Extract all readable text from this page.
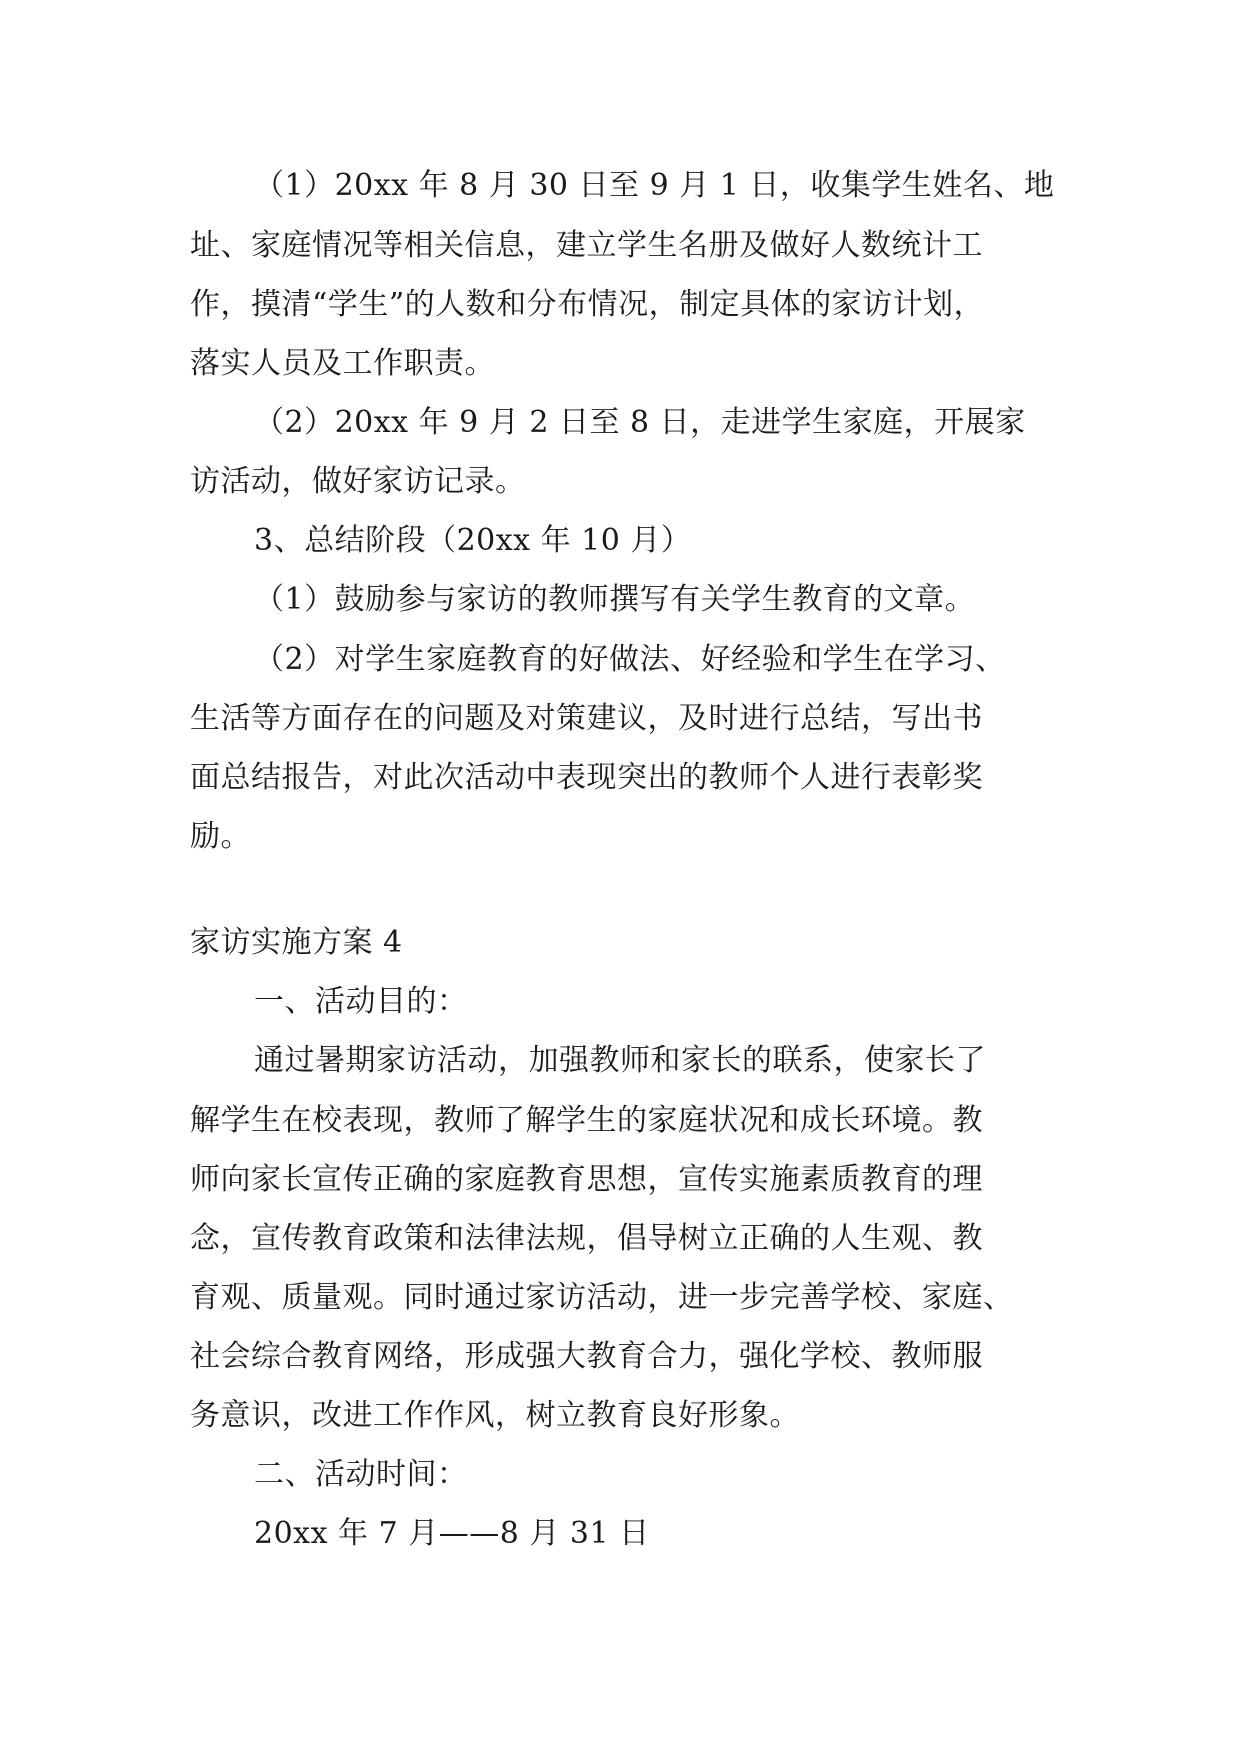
（1）20xx 年 8 月 30 日至 9 月 1 日，收集学生姓名、地
址、家庭情况等相关信息，建立学生名册及做好人数统计工
作，摸清“学生”的人数和分布情况，制定具体的家访计划，
落实人员及工作职责。
（2）20xx 年 9 月 2 日至 8 日，走进学生家庭，开展家
访活动，做好家访记录。
3、总结阶段（20xx 年 10 月）
（1）鼓励参与家访的教师撰写有关学生教育的文章。
（2）对学生家庭教育的好做法、好经验和学生在学习、
生活等方面存在的问题及对策建议，及时进行总结，写出书
面总结报告，对此次活动中表现突出的教师个人进行表彰奖
励。
家访实施方案 4
一、活动目的：
通过暑期家访活动，加强教师和家长的联系，使家长了
解学生在校表现，教师了解学生的家庭状况和成长环境。教
师向家长宣传正确的家庭教育思想，宣传实施素质教育的理
念，宣传教育政策和法律法规，倡导树立正确的人生观、教
育观、质量观。同时通过家访活动，进一步完善学校、家庭、
社会综合教育网络，形成强大教育合力，强化学校、教师服
务意识，改进工作作风，树立教育良好形象。
二、活动时间：
20xx 年 7 月——8 月 31 日
